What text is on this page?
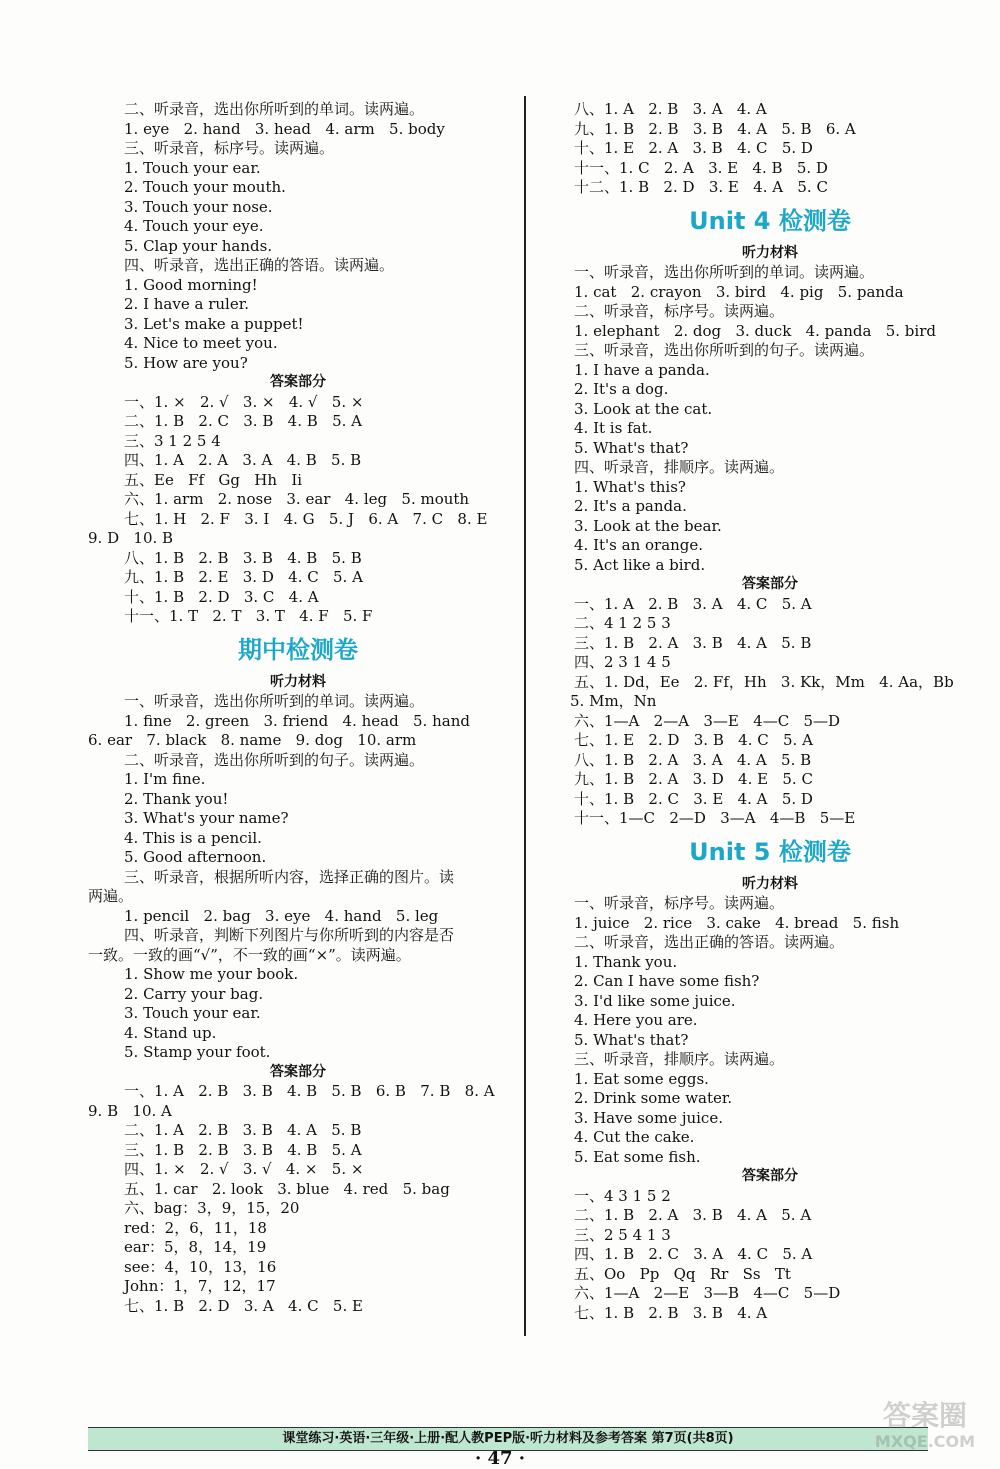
二、听录音，选出你所听到的单词。读两遍。
1. eye   2. hand   3. head   4. arm   5. body
三、听录音，标序号。读两遍。
1. Touch your ear.
2. Touch your mouth.
3. Touch your nose.
4. Touch your eye.
5. Clap your hands.
四、听录音，选出正确的答语。读两遍。
1. Good morning!
2. I have a ruler.
3. Let's make a puppet!
4. Nice to meet you.
5. How are you?
答案部分
一、1. ×   2. √   3. ×   4. √   5. ×
二、1. B   2. C   3. B   4. B   5. A
三、3 1 2 5 4
四、1. A   2. A   3. A   4. B   5. B
五、Ee   Ff   Gg   Hh   Ii
六、1. arm   2. nose   3. ear   4. leg   5. mouth
七、1. H   2. F   3. I   4. G   5. J   6. A   7. C   8. E
9. D   10. B
八、1. B   2. B   3. B   4. B   5. B
九、1. B   2. E   3. D   4. C   5. A
十、1. B   2. D   3. C   4. A
十一、1. T   2. T   3. T   4. F   5. F
期中检测卷
听力材料
一、听录音，选出你所听到的单词。读两遍。
1. fine   2. green   3. friend   4. head   5. hand
6. ear   7. black   8. name   9. dog   10. arm
二、听录音，选出你所听到的句子。读两遍。
1. I'm fine.
2. Thank you!
3. What's your name?
4. This is a pencil.
5. Good afternoon.
三、听录音，根据所听内容，选择正确的图片。读
两遍。
1. pencil   2. bag   3. eye   4. hand   5. leg
四、听录音，判断下列图片与你所听到的内容是否
一致。一致的画“√”，不一致的画“×”。读两遍。
1. Show me your book.
2. Carry your bag.
3. Touch your ear.
4. Stand up.
5. Stamp your foot.
答案部分
一、1. A   2. B   3. B   4. B   5. B   6. B   7. B   8. A
9. B   10. A
二、1. A   2. B   3. B   4. A   5. B
三、1. B   2. B   3. B   4. B   5. A
四、1. ×   2. √   3. √   4. ×   5. ×
五、1. car   2. look   3. blue   4. red   5. bag
六、bag：3，9，15，20
red：2，6，11，18
ear：5，8，14，19
see：4，10，13，16
John：1，7，12，17
七、1. B   2. D   3. A   4. C   5. E
八、1. A   2. B   3. A   4. A
九、1. B   2. B   3. B   4. A   5. B   6. A
十、1. E   2. A   3. B   4. C   5. D
十一、1. C   2. A   3. E   4. B   5. D
十二、1. B   2. D   3. E   4. A   5. C
Unit 4 检测卷
听力材料
一、听录音，选出你所听到的单词。读两遍。
1. cat   2. crayon   3. bird   4. pig   5. panda
二、听录音，标序号。读两遍。
1. elephant   2. dog   3. duck   4. panda   5. bird
三、听录音，选出你所听到的句子。读两遍。
1. I have a panda.
2. It's a dog.
3. Look at the cat.
4. It is fat.
5. What's that?
四、听录音，排顺序。读两遍。
1. What's this?
2. It's a panda.
3. Look at the bear.
4. It's an orange.
5. Act like a bird.
答案部分
一、1. A   2. B   3. A   4. C   5. A
二、4 1 2 5 3
三、1. B   2. A   3. B   4. A   5. B
四、2 3 1 4 5
五、1. Dd，Ee   2. Ff，Hh   3. Kk，Mm   4. Aa，Bb
5. Mm，Nn
六、1—A   2—A   3—E   4—C   5—D
七、1. E   2. D   3. B   4. C   5. A
八、1. B   2. A   3. A   4. A   5. B
九、1. B   2. A   3. D   4. E   5. C
十、1. B   2. C   3. E   4. A   5. D
十一、1—C   2—D   3—A   4—B   5—E
Unit 5 检测卷
听力材料
一、听录音，标序号。读两遍。
1. juice   2. rice   3. cake   4. bread   5. fish
二、听录音，选出正确的答语。读两遍。
1. Thank you.
2. Can I have some fish?
3. I'd like some juice.
4. Here you are.
5. What's that?
三、听录音，排顺序。读两遍。
1. Eat some eggs.
2. Drink some water.
3. Have some juice.
4. Cut the cake.
5. Eat some fish.
答案部分
一、4 3 1 5 2
二、1. B   2. A   3. B   4. A   5. A
三、2 5 4 1 3
四、1. B   2. C   3. A   4. C   5. A
五、Oo   Pp   Qq   Rr   Ss   Tt
六、1—A   2—E   3—B   4—C   5—D
七、1. B   2. B   3. B   4. A
课堂练习·英语·三年级·上册·配人教PEP版·听力材料及参考答案 第7页(共8页)
· 47 ·
答案圈
MXQE.COM
